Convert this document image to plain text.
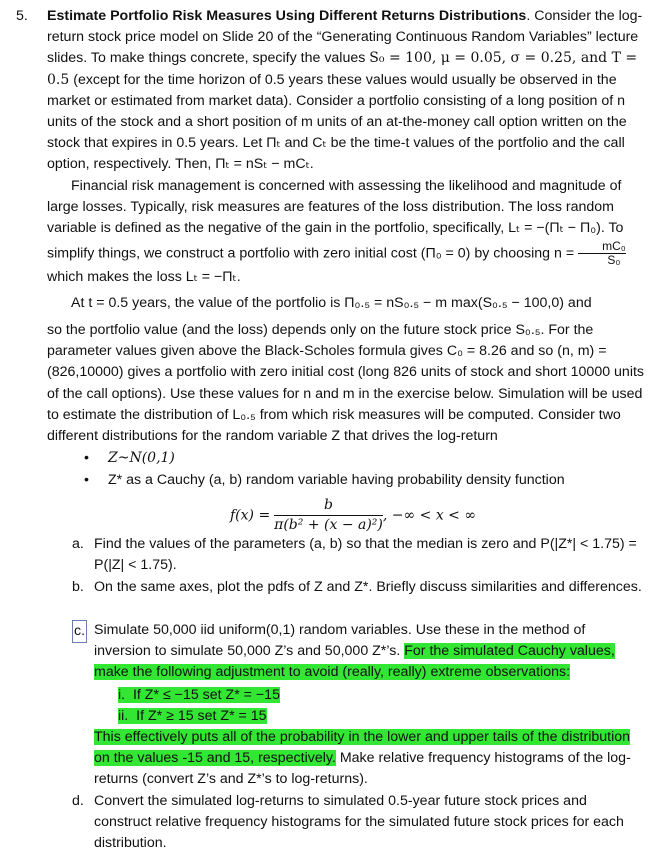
5. Estimate Portfolio Risk Measures Using Different Returns Distributions. Consider the log-return stock price model on Slide 20 of the “Generating Continuous Random Variables” lecture slides. To make things concrete, specify the values S₀ = 100, μ = 0.05, σ = 0.25, and T = 0.5 (except for the time horizon of 0.5 years these values would usually be observed in the market or estimated from market data). Consider a portfolio consisting of a long position of n units of the stock and a short position of m units of an at-the-money call option written on the stock that expires in 0.5 years. Let Πₜ and Cₜ be the time-t values of the portfolio and the call option, respectively. Then, Πₜ = nSₜ − mCₜ.

Financial risk management is concerned with assessing the likelihood and magnitude of large losses. Typically, risk measures are features of the loss distribution. The loss random variable is defined as the negative of the gain in the portfolio, specifically, Lₜ = −(Πₜ − Π₀). To simplify things, we construct a portfolio with zero initial cost (Π₀ = 0) by choosing $n = \frac{\text{mC₀}}{\text{S₀}}$
which makes the loss Lₜ = −Πₜ.

At t = 0.5 years, the value of the portfolio is Π₀.₅ = nS₀.₅ − m max(S₀.₅ − 100,0) and

so the portfolio value (and the loss) depends only on the future stock price S₀.₅. For the parameter values given above the Black-Scholes formula gives C₀ = 8.26 and so (n, m) = (826,10000) gives a portfolio with zero initial cost (long 826 units of stock and short 10000 units of the call options). Use these values for n and m in the exercise below. Simulation will be used to estimate the distribution of L₀.₅ from which risk measures will be computed. Consider two different distributions for the random variable Z that drives the log-return

• Z~N(0,1)
• Z* as a Cauchy (a, b) random variable having probability density function
$f(x) = \frac{b}{\text{π(b² + (x − a)²)}}$ , −∞ < x < ∞
a. Find the values of the parameters (a, b) so that the median is zero and P(|Z*| < 1.75) = P(|Z| < 1.75).

b. On the same axes, plot the pdfs of Z and Z*. Briefly discuss similarities and differences.

c. Simulate 50,000 iid uniform(0,1) random variables. Use these in the method of inversion to simulate 50,000 Z’s and 50,000 Z*’s. For the simulated Cauchy values, make the following adjustment to avoid (really, really) extreme observations:

i. If Z* ≤ −15 set Z* = −15
ii. If Z* ≥ 15 set Z* = 15

This effectively puts all of the probability in the lower and upper tails of the distribution on the values -15 and 15, respectively. Make relative frequency histograms of the log-returns (convert Z’s and Z*’s to log-returns).

d. Convert the simulated log-returns to simulated 0.5-year future stock prices and construct relative frequency histograms for the simulated future stock prices for each distribution.
